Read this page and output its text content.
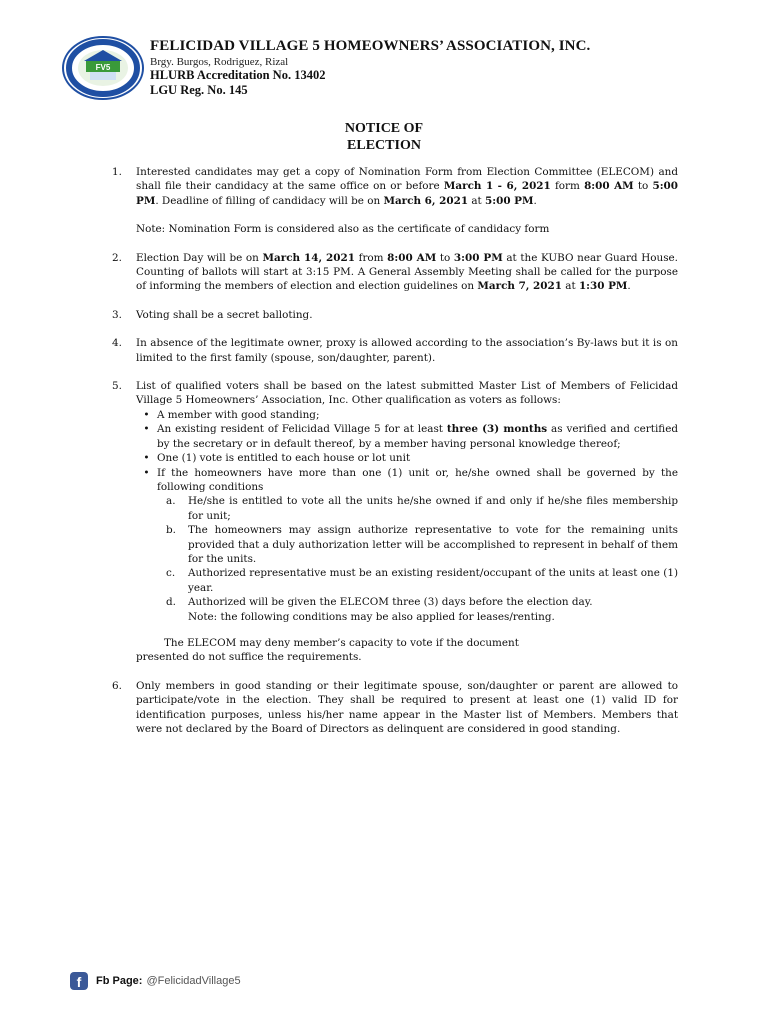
FV5
FELICIDAD VILLAGE 5 HOMEOWNERS’ ASSOCIATION, INC.
Brgy. Burgos, Rodriguez, Rizal
HLURB Accreditation No. 13402
LGU Reg. No. 145
NOTICE OF
ELECTION
1.	Interested candidates may get a copy of Nomination Form from Election Committee (ELECOM) and shall file their candidacy at the same office on or before March 1 - 6, 2021 form 8:00 AM to 5:00 PM. Deadline of filling of candidacy will be on March 6, 2021 at 5:00 PM.
Note: Nomination Form is considered also as the certificate of candidacy form
2.	Election Day will be on March 14, 2021 from 8:00 AM to 3:00 PM at the KUBO near Guard House. Counting of ballots will start at 3:15 PM. A General Assembly Meeting shall be called for the purpose of informing the members of election and election guidelines on March 7, 2021 at 1:30 PM.
3.	Voting shall be a secret balloting.
4.	In absence of the legitimate owner, proxy is allowed according to the association’s By-laws but it is on limited to the first family (spouse, son/daughter, parent).
5.	List of qualified voters shall be based on the latest submitted Master List of Members of Felicidad Village 5 Homeowners’ Association, Inc. Other qualification as voters as follows:
• A member with good standing;
• An existing resident of Felicidad Village 5 for at least three (3) months as verified and certified by the secretary or in default thereof, by a member having personal knowledge thereof;
• One (1) vote is entitled to each house or lot unit
• If the homeowners have more than one (1) unit or, he/she owned shall be governed by the following conditions
a.	He/she is entitled to vote all the units he/she owned if and only if he/she files membership for unit;
b.	The homeowners may assign authorize representative to vote for the remaining units provided that a duly authorization letter will be accomplished to represent in behalf of them for the units.
c.	Authorized representative must be an existing resident/occupant of the units at least one (1) year.
d.	Authorized will be given the ELECOM three (3) days before the election day.
Note: the following conditions may be also applied for leases/renting.
The ELECOM may deny member’s capacity to vote if the document
presented do not suffice the requirements.
6.	Only members in good standing or their legitimate spouse, son/daughter or parent are allowed to participate/vote in the election. They shall be required to present at least one (1) valid ID for identification purposes, unless his/her name appear in the Master list of Members. Members that were not declared by the Board of Directors as delinquent are considered in good standing.
f	Fb Page: @FelicidadVillage5
